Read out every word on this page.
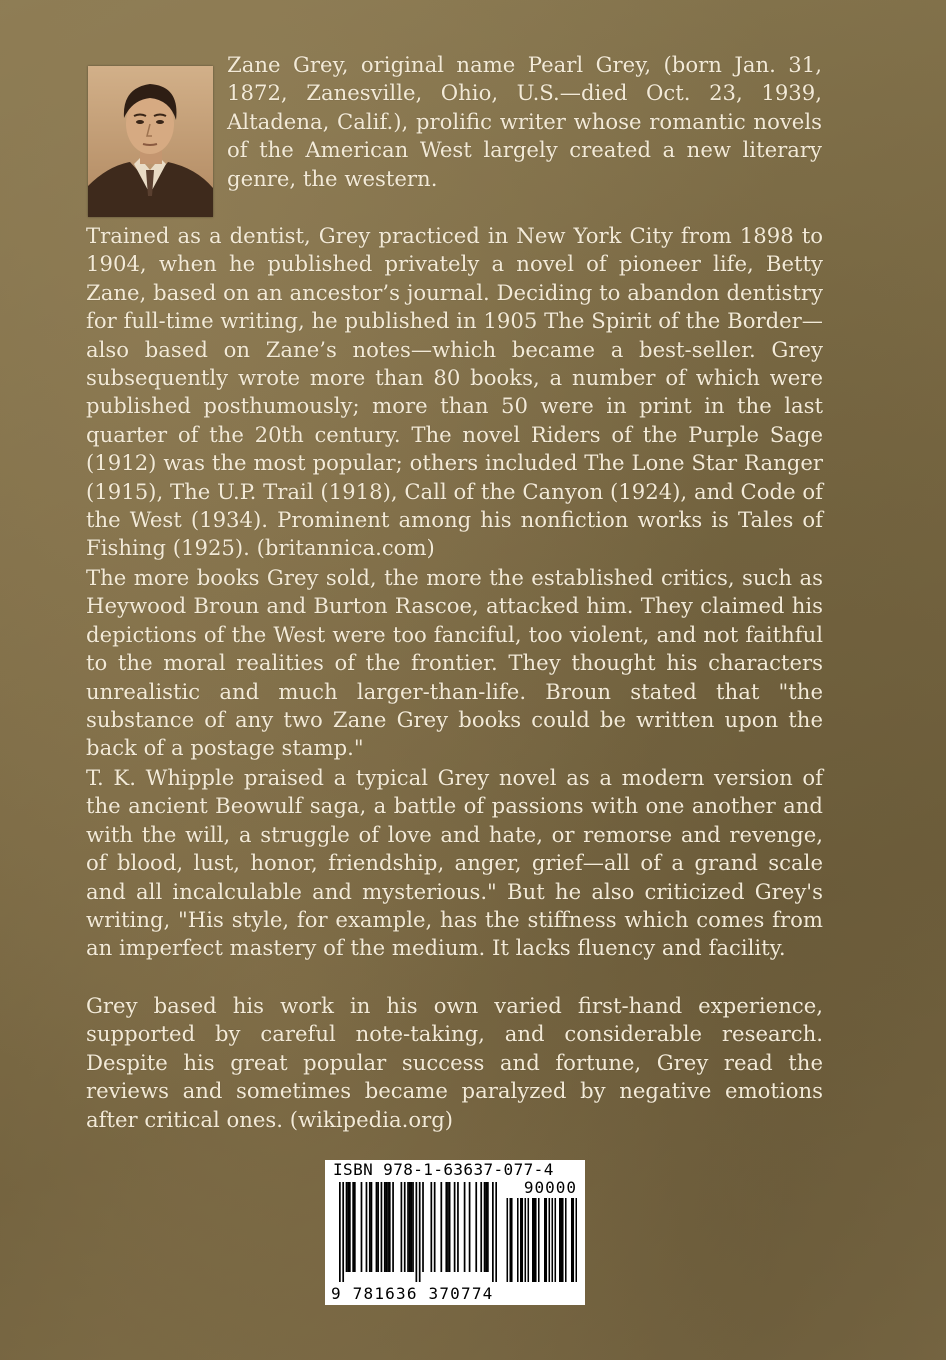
Zane Grey, original name Pearl Grey, (born Jan. 31, 1872, Zanesville, Ohio, U.S.—died Oct. 23, 1939, Altadena, Calif.), prolific writer whose romantic novels of the American West largely created a new literary genre, the western.

Trained as a dentist, Grey practiced in New York City from 1898 to 1904, when he published privately a novel of pioneer life, Betty Zane, based on an ancestor’s journal. Deciding to abandon dentistry for full-time writing, he published in 1905 The Spirit of the Border—also based on Zane’s notes—which became a best-seller. Grey subsequently wrote more than 80 books, a number of which were published posthumously; more than 50 were in print in the last quarter of the 20th century. The novel Riders of the Purple Sage (1912) was the most popular; others included The Lone Star Ranger (1915), The U.P. Trail (1918), Call of the Canyon (1924), and Code of the West (1934). Prominent among his nonfiction works is Tales of Fishing (1925). (britannica.com)

The more books Grey sold, the more the established critics, such as Heywood Broun and Burton Rascoe, attacked him. They claimed his depictions of the West were too fanciful, too violent, and not faithful to the moral realities of the frontier. They thought his characters unrealistic and much larger-than-life. Broun stated that "the substance of any two Zane Grey books could be written upon the back of a postage stamp."

T. K. Whipple praised a typical Grey novel as a modern version of the ancient Beowulf saga, a battle of passions with one another and with the will, a struggle of love and hate, or remorse and revenge, of blood, lust, honor, friendship, anger, grief—all of a grand scale and all incalculable and mysterious." But he also criticized Grey's writing, "His style, for example, has the stiffness which comes from an imperfect mastery of the medium. It lacks fluency and facility.

Grey based his work in his own varied first-hand experience, supported by careful note-taking, and considerable research. Despite his great popular success and fortune, Grey read the reviews and sometimes became paralyzed by negative emotions after critical ones. (wikipedia.org)

ISBN 978-1-63637-077-4
90000
9 781636 370774
